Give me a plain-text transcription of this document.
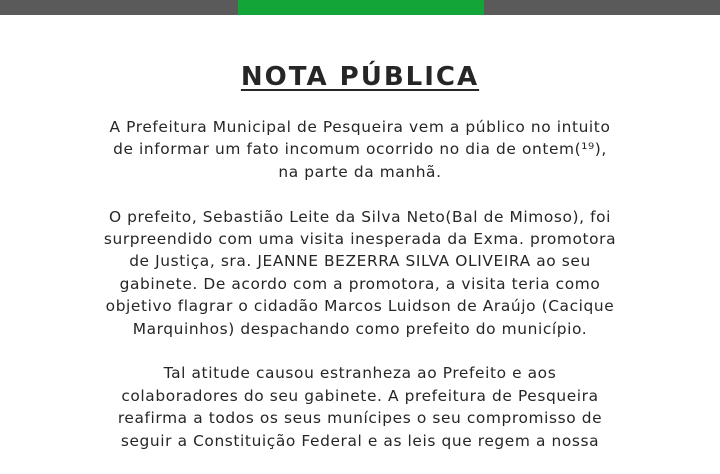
NOTA PÚBLICA

A Prefeitura Municipal de Pesqueira vem a público no intuito
de informar um fato incomum ocorrido no dia de ontem(¹⁹),
na parte da manhã.

O prefeito, Sebastião Leite da Silva Neto(Bal de Mimoso), foi
surpreendido com uma visita inesperada da Exma. promotora
de Justiça, sra. JEANNE BEZERRA SILVA OLIVEIRA ao seu
gabinete. De acordo com a promotora, a visita teria como
objetivo flagrar o cidadão Marcos Luidson de Araújo (Cacique
Marquinhos) despachando como prefeito do município.

Tal atitude causou estranheza ao Prefeito e aos
colaboradores do seu gabinete. A prefeitura de Pesqueira
reafirma a todos os seus munícipes o seu compromisso de
seguir a Constituição Federal e as leis que regem a nossa
